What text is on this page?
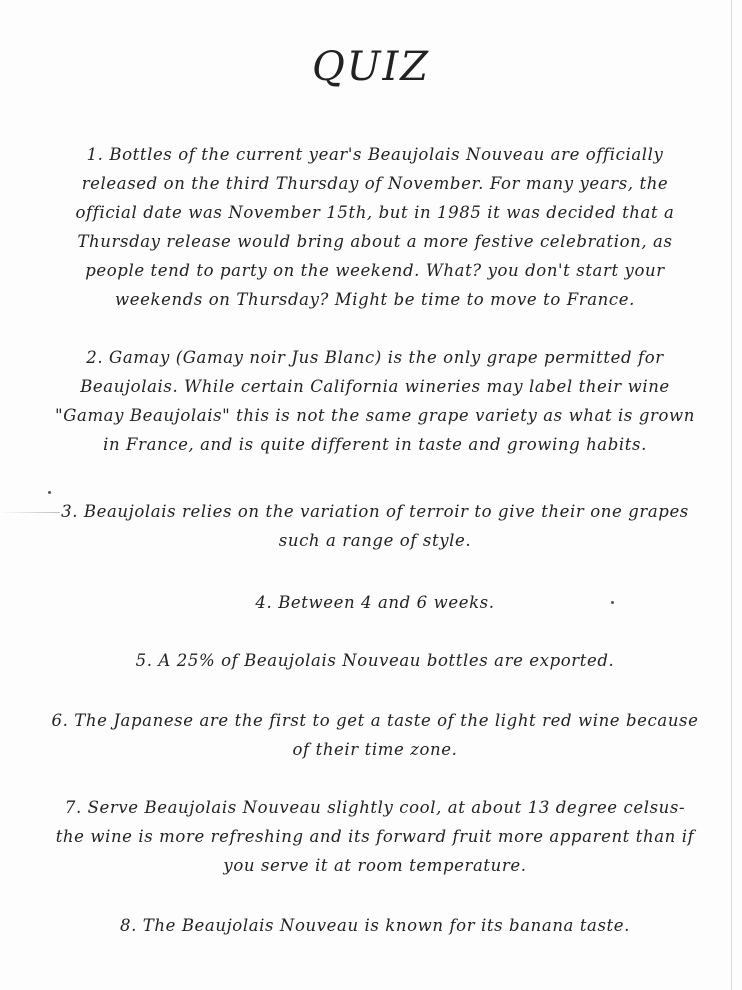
QUIZ
1. Bottles of the current year's Beaujolais Nouveau are officially released on the third Thursday of November. For many years, the official date was November 15th, but in 1985 it was decided that a Thursday release would bring about a more festive celebration, as people tend to party on the weekend. What? you don't start your weekends on Thursday? Might be time to move to France.
2. Gamay (Gamay noir Jus Blanc) is the only grape permitted for Beaujolais. While certain California wineries may label their wine "Gamay Beaujolais" this is not the same grape variety as what is grown in France, and is quite different in taste and growing habits.
3. Beaujolais relies on the variation of terroir to give their one grapes such a range of style.
4. Between 4 and 6 weeks.
5. A 25% of Beaujolais Nouveau bottles are exported.
6. The Japanese are the first to get a taste of the light red wine because of their time zone.
7. Serve Beaujolais Nouveau slightly cool, at about 13 degree celsus- the wine is more refreshing and its forward fruit more apparent than if you serve it at room temperature.
8. The Beaujolais Nouveau is known for its banana taste.
